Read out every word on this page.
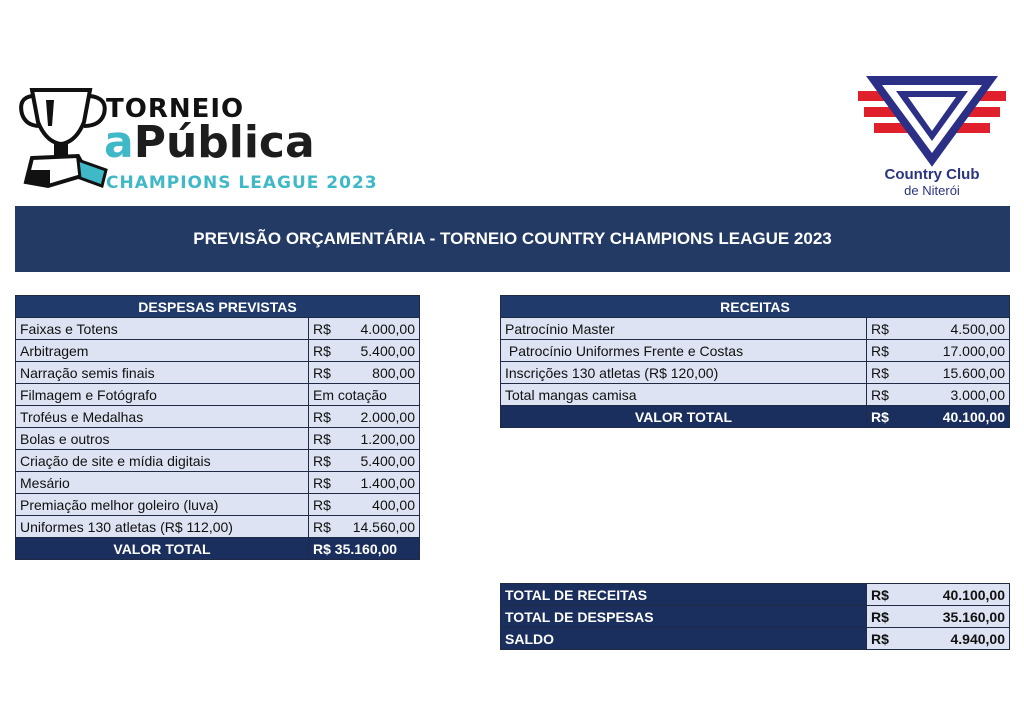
TORNEIO
aPública
CHAMPIONS LEAGUE 2023	Country Club
de Niterói
PREVISÃO ORÇAMENTÁRIA - TORNEIO COUNTRY CHAMPIONS LEAGUE 2023
DESPESAS PREVISTAS		
Faixas e Totens	R$	4.000,00
Arbitragem	R$	5.400,00
Narração semis finais	R$	800,00
Filmagem e Fotógrafo	Em cotação	
Troféus e Medalhas	R$	2.000,00
Bolas e outros	R$	1.200,00
Criação de site e mídia digitais	R$	5.400,00
Mesário	R$	1.400,00
Premiação melhor goleiro (luva)	R$	400,00
Uniformes 130 atletas (R$ 112,00)	R$	14.560,00
VALOR TOTAL	R$ 35.160,00	
RECEITAS		
Patrocínio Master	R$	4.500,00
Patrocínio Uniformes Frente e Costas	R$	17.000,00
Inscrições 130 atletas (R$ 120,00)	R$	15.600,00
Total mangas camisa	R$	3.000,00
VALOR TOTAL	R$	40.100,00
TOTAL DE RECEITAS	R$	40.100,00
TOTAL DE DESPESAS	R$	35.160,00
SALDO	R$	4.940,00
